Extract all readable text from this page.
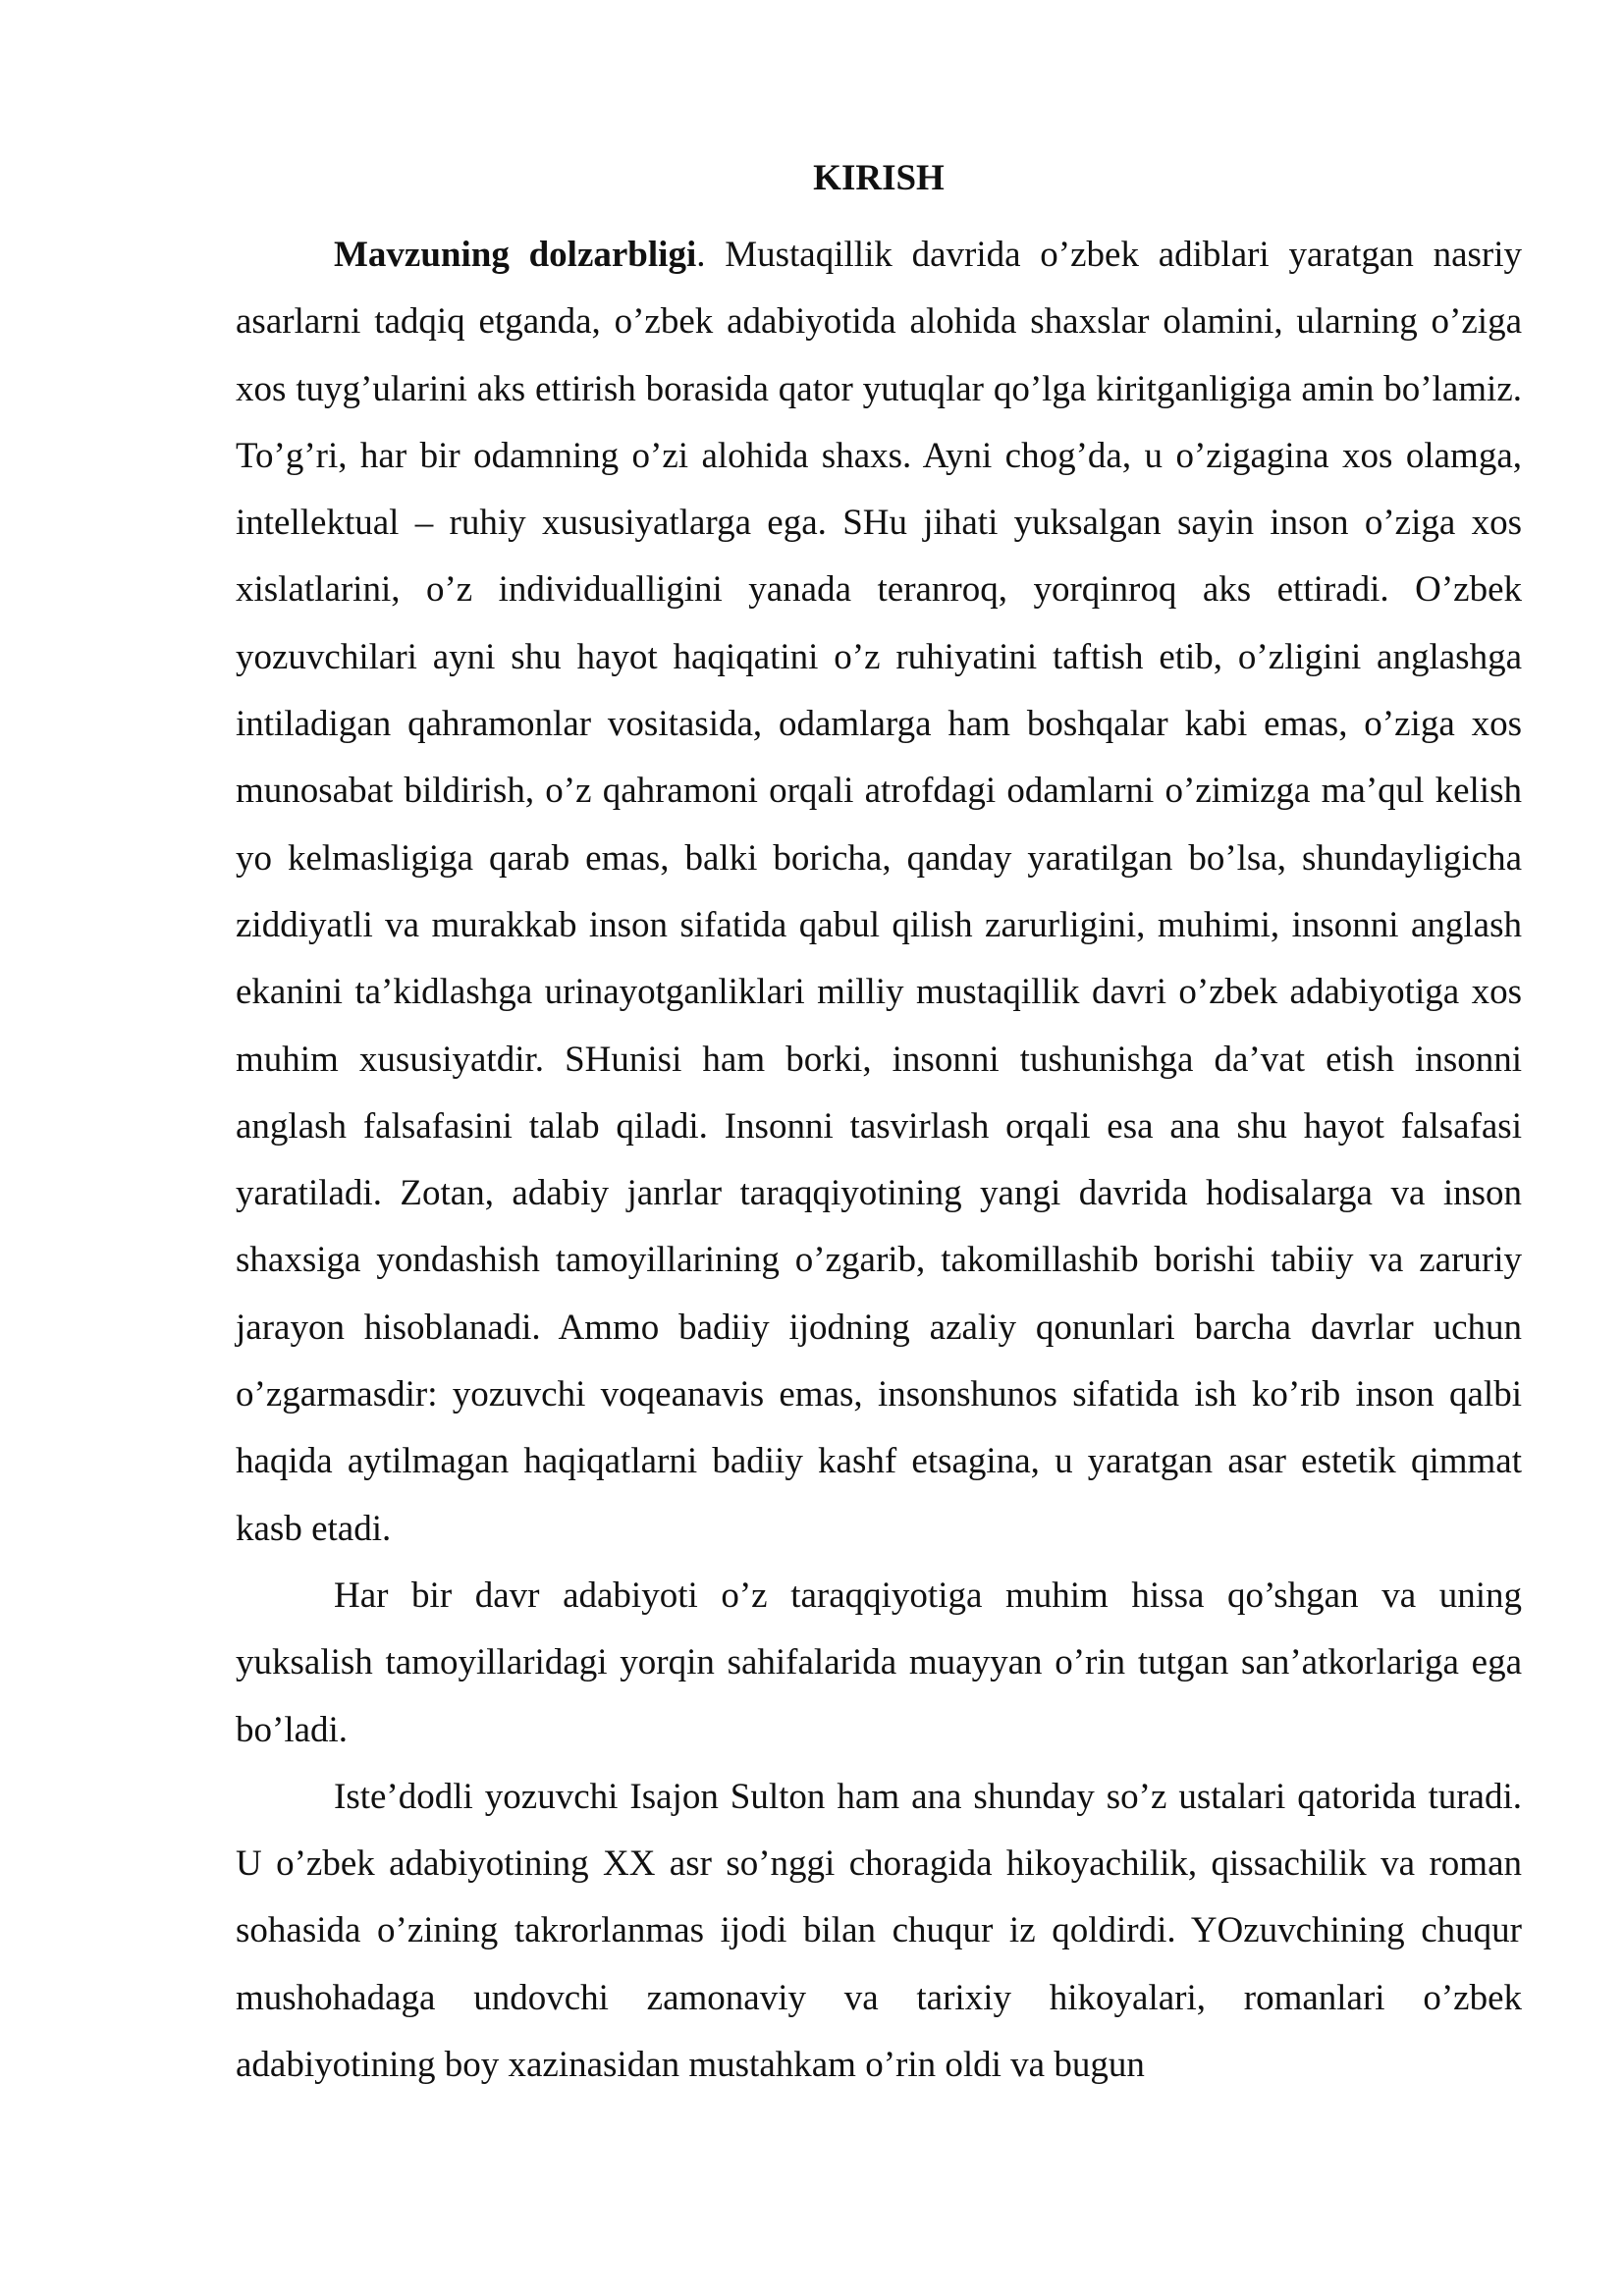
KIRISH

Mavzuning dolzarbligi. Mustaqillik davrida o’zbek adiblari yaratgan nasriy asarlarni tadqiq etganda, o’zbek adabiyotida alohida shaxslar olamini, ularning o’ziga xos tuyg’ularini aks ettirish borasida qator yutuqlar qo’lga kiritganligiga amin bo’lamiz. To’g’ri, har bir odamning o’zi alohida shaxs. Ayni chog’da, u o’zigagina xos olamga, intellektual – ruhiy xususiyatlarga ega. SHu jihati yuksalgan sayin inson o’ziga xos xislatlarini, o’z individualligini yanada teranroq, yorqinroq aks ettiradi. O’zbek yozuvchilari ayni shu hayot haqiqatini o’z ruhiyatini taftish etib, o’zligini anglashga intiladigan qahramonlar vositasida, odamlarga ham boshqalar kabi emas, o’ziga xos munosabat bildirish, o’z qahramoni orqali atrofdagi odamlarni o’zimizga ma’qul kelish yo kelmasligiga qarab emas, balki boricha, qanday yaratilgan bo’lsa, shundayligicha ziddiyatli va murakkab inson sifatida qabul qilish zarurligini, muhimi, insonni anglash ekanini ta’kidlashga urinayotganliklari milliy mustaqillik davri o’zbek adabiyotiga xos muhim xususiyatdir. SHunisi ham borki, insonni tushunishga da’vat etish insonni anglash falsafasini talab qiladi. Insonni tasvirlash orqali esa ana shu hayot falsafasi yaratiladi. Zotan, adabiy janrlar taraqqiyotining yangi davrida hodisalarga va inson shaxsiga yondashish tamoyillarining o’zgarib, takomillashib borishi tabiiy va zaruriy jarayon hisoblanadi. Ammo badiiy ijodning azaliy qonunlari barcha davrlar uchun o’zgarmasdir: yozuvchi voqeanavis emas, insonshunos sifatida ish ko’rib inson qalbi haqida aytilmagan haqiqatlarni badiiy kashf etsagina, u yaratgan asar estetik qimmat kasb etadi.

Har bir davr adabiyoti o’z taraqqiyotiga muhim hissa qo’shgan va uning yuksalish tamoyillaridagi yorqin sahifalarida muayyan o’rin tutgan san’atkorlariga ega bo’ladi.

Iste’dodli yozuvchi Isajon Sulton ham ana shunday so’z ustalari qatorida turadi. U o’zbek adabiyotining XX asr so’nggi choragida hikoyachilik, qissachilik va roman sohasida o’zining takrorlanmas ijodi bilan chuqur iz qoldirdi. YOzuvchining chuqur mushohadaga undovchi zamonaviy va tarixiy hikoyalari, romanlari o’zbek adabiyotining boy xazinasidan mustahkam o’rin oldi va bugun
